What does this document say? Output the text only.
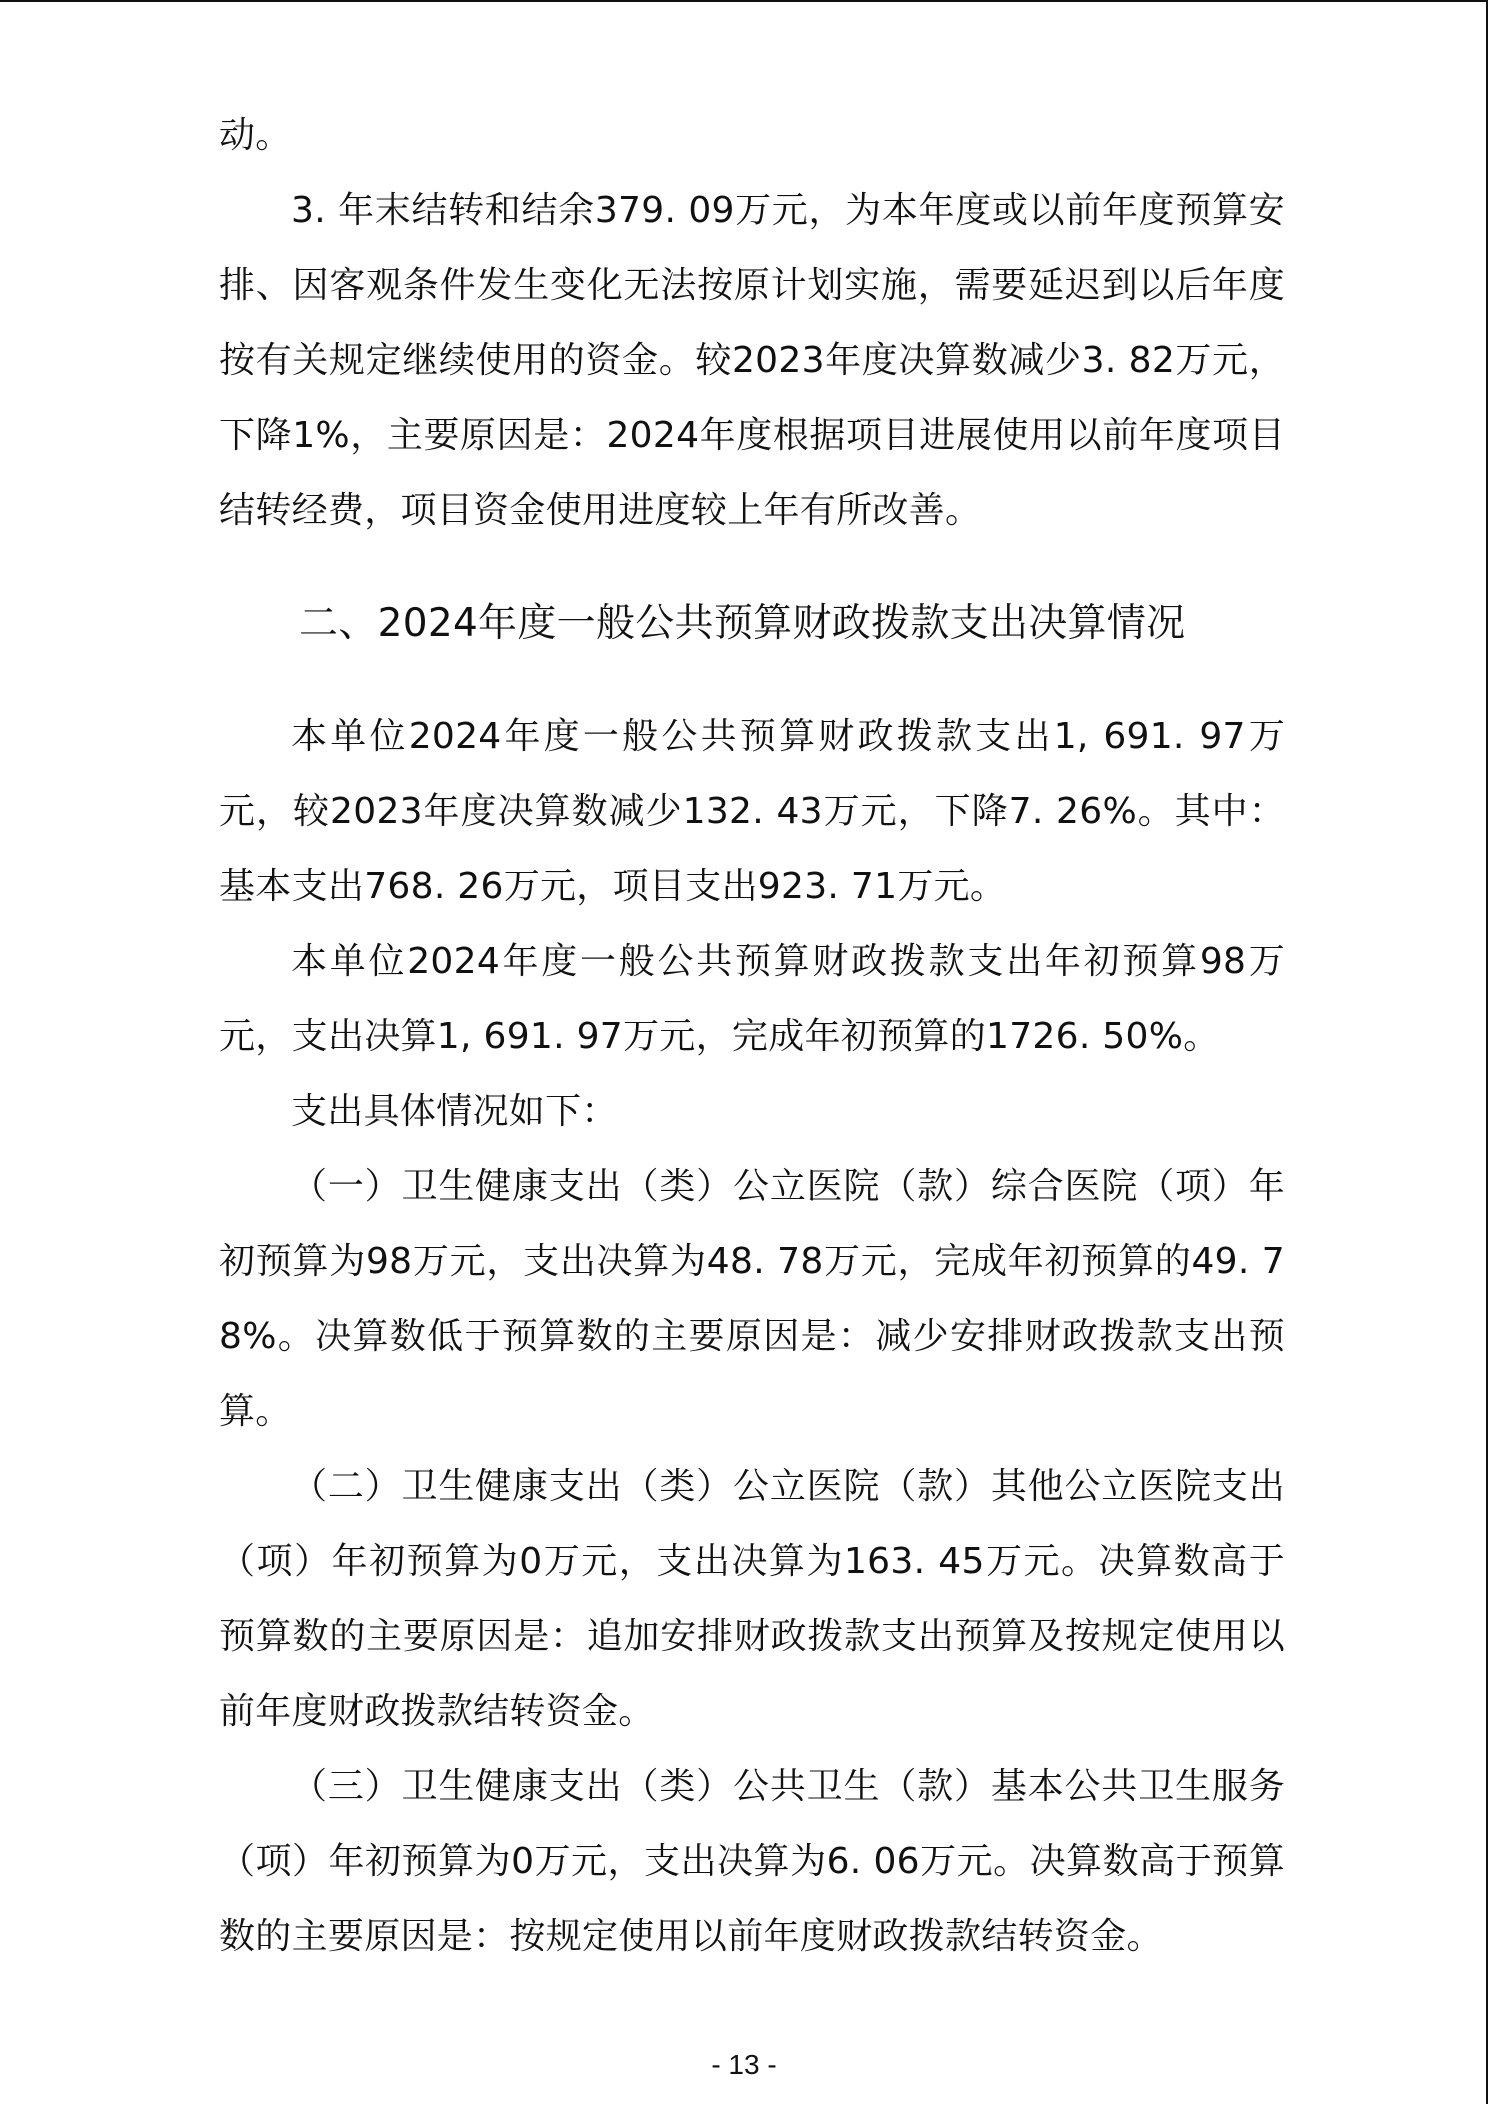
动。

3. 年末结转和结余379. 09万元，为本年度或以前年度预算安排、因客观条件发生变化无法按原计划实施，需要延迟到以后年度按有关规定继续使用的资金。较2023年度决算数减少3. 82万元，下降1%，主要原因是：2024年度根据项目进展使用以前年度项目结转经费，项目资金使用进度较上年有所改善。

二、2024年度一般公共预算财政拨款支出决算情况

本单位2024年度一般公共预算财政拨款支出1, 691. 97万元，较2023年度决算数减少132. 43万元，下降7. 26%。其中：基本支出768. 26万元，项目支出923. 71万元。

本单位2024年度一般公共预算财政拨款支出年初预算98万元，支出决算1, 691. 97万元，完成年初预算的1726. 50%。

支出具体情况如下：

（一）卫生健康支出（类）公立医院（款）综合医院（项）年初预算为98万元，支出决算为48. 78万元，完成年初预算的49. 78%。决算数低于预算数的主要原因是：减少安排财政拨款支出预算。

（二）卫生健康支出（类）公立医院（款）其他公立医院支出（项）年初预算为0万元，支出决算为163. 45万元。决算数高于预算数的主要原因是：追加安排财政拨款支出预算及按规定使用以前年度财政拨款结转资金。

（三）卫生健康支出（类）公共卫生（款）基本公共卫生服务（项）年初预算为0万元，支出决算为6. 06万元。决算数高于预算数的主要原因是：按规定使用以前年度财政拨款结转资金。

- 13 -
